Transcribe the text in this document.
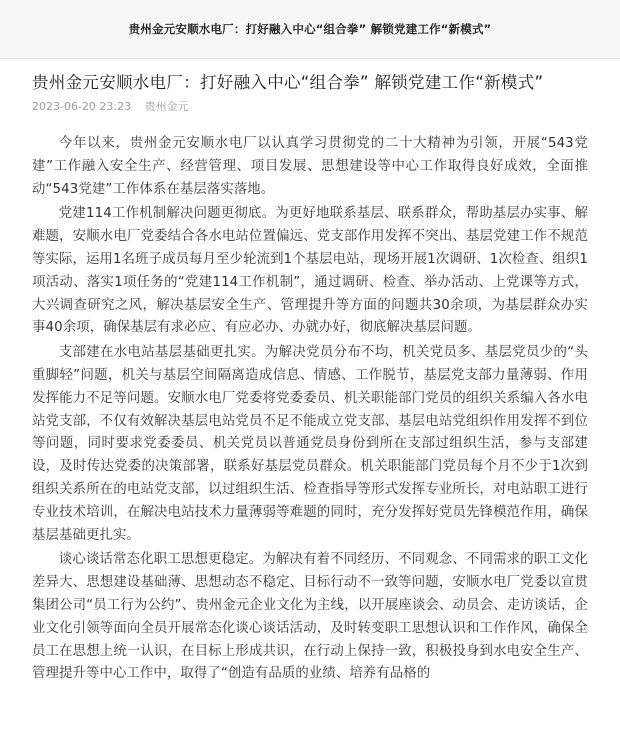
贵州金元安顺水电厂：打好融入中心“组合拳” 解锁党建工作“新模式”
贵州金元安顺水电厂：打好融入中心“组合拳” 解锁党建工作“新模式”
2023-06-20 23:23 贵州金元

今年以来，贵州金元安顺水电厂以认真学习贯彻党的二十大精神为引领，开展“543党建”工作融入安全生产、经营管理、项目发展、思想建设等中心工作取得良好成效，全面推动“543党建”工作体系在基层落实落地。

党建114工作机制解决问题更彻底。为更好地联系基层、联系群众，帮助基层办实事、解难题，安顺水电厂党委结合各水电站位置偏远、党支部作用发挥不突出、基层党建工作不规范等实际，运用1名班子成员每月至少轮流到1个基层电站，现场开展1次调研、1次检查、组织1项活动、落实1项任务的“党建114工作机制”，通过调研、检查、举办活动、上党课等方式，大兴调查研究之风，解决基层安全生产、管理提升等方面的问题共30余项，为基层群众办实事40余项，确保基层有求必应、有应必办、办就办好，彻底解决基层问题。

支部建在水电站基层基础更扎实。为解决党员分布不均，机关党员多、基层党员少的“头重脚轻”问题，机关与基层空间隔离造成信息、情感、工作脱节，基层党支部力量薄弱、作用发挥能力不足等问题。安顺水电厂党委将党委委员、机关职能部门党员的组织关系编入各水电站党支部，不仅有效解决基层电站党员不足不能成立党支部、基层电站党组织作用发挥不到位等问题，同时要求党委委员、机关党员以普通党员身份到所在支部过组织生活，参与支部建设，及时传达党委的决策部署，联系好基层党员群众。机关职能部门党员每个月不少于1次到组织关系所在的电站党支部，以过组织生活、检查指导等形式发挥专业所长，对电站职工进行专业技术培训，在解决电站技术力量薄弱等难题的同时，充分发挥好党员先锋模范作用，确保基层基础更扎实。

谈心谈话常态化职工思想更稳定。为解决有着不同经历、不同观念、不同需求的职工文化差异大、思想建设基础薄、思想动态不稳定、目标行动不一致等问题，安顺水电厂党委以宣贯集团公司“员工行为公约”、贵州金元企业文化为主线，以开展座谈会、动员会、走访谈话，企业文化引领等面向全员开展常态化谈心谈话活动，及时转变职工思想认识和工作作风，确保全员工在思想上统一认识，在目标上形成共识，在行动上保持一致，积极投身到水电安全生产、管理提升等中心工作中，取得了“创造有品质的业绩、培养有品格的
